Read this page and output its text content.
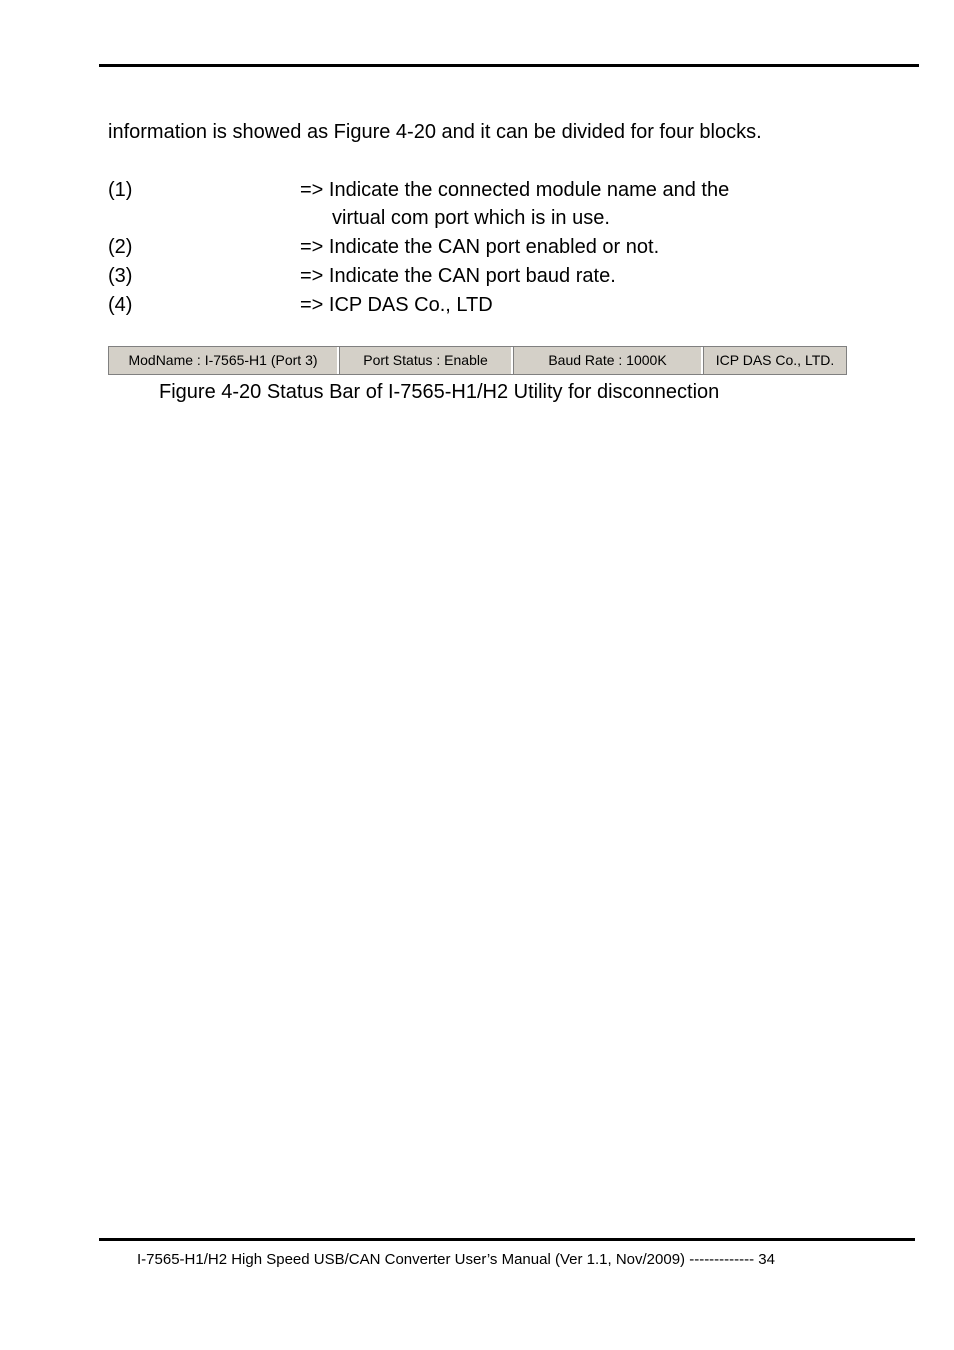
information is showed as Figure 4-20 and it can be divided for four blocks.
(1)	=> Indicate the connected module name and the
virtual com port which is in use.
(2)	=> Indicate the CAN port enabled or not.
(3)	=> Indicate the CAN port baud rate.
(4)	=> ICP DAS Co., LTD
ModName : I-7565-H1 (Port 3)	Port Status : Enable	Baud Rate : 1000K	ICP DAS Co., LTD.
Figure 4-20 Status Bar of I-7565-H1/H2 Utility for disconnection
I-7565-H1/H2 High Speed USB/CAN Converter User’s Manual (Ver 1.1, Nov/2009) ------------- 34
